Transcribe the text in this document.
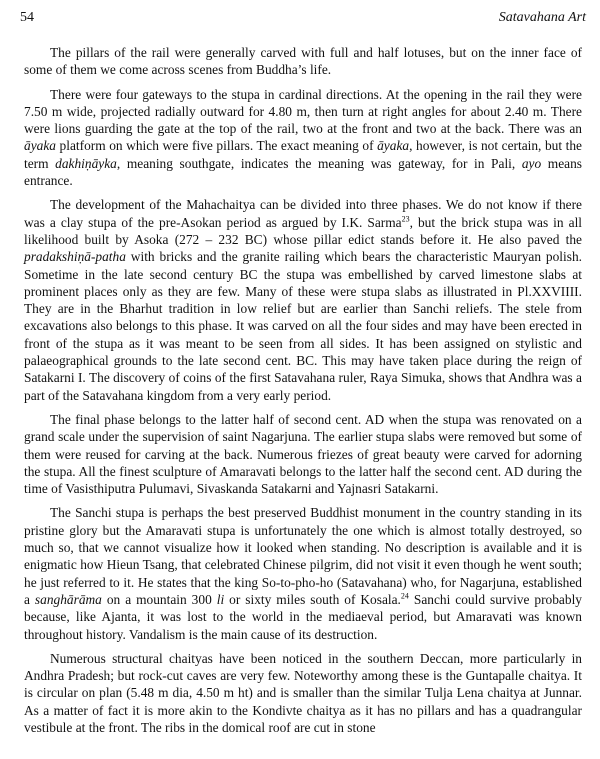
54	Satavahana Art

The pillars of the rail were generally carved with full and half lotuses, but on the inner face of some of them we come across scenes from Buddha’s life.

There were four gateways to the stupa in cardinal directions. At the opening in the rail they were 7.50 m wide, projected radially outward for 4.80 m, then turn at right angles for about 2.40 m. There were lions guarding the gate at the top of the rail, two at the front and two at the back. There was an āyaka platform on which were five pillars. The exact meaning of āyaka, however, is not certain, but the term dakhiṇāyka, meaning southgate, indicates the meaning was gateway, for in Pali, ayo means entrance.

The development of the Mahachaitya can be divided into three phases. We do not know if there was a clay stupa of the pre-Asokan period as argued by I.K. Sarma$^{23}$, but the brick stupa was in all likelihood built by Asoka (272 – 232 BC) whose pillar edict stands before it. He also paved the pradakshiṇā-patha with bricks and the granite railing which bears the characteristic Mauryan polish. Sometime in the late second century BC the stupa was embellished by carved limestone slabs at prominent places only as they are few. Many of these were stupa slabs as illustrated in Pl.XXVIIII. They are in the Bharhut tradition in low relief but are earlier than Sanchi reliefs. The stele from excavations also belongs to this phase. It was carved on all the four sides and may have been erected in front of the stupa as it was meant to be seen from all sides. It has been assigned on stylistic and palaeographical grounds to the late second cent. BC. This may have taken place during the reign of Satakarni I. The discovery of coins of the first Satavahana ruler, Raya Simuka, shows that Andhra was a part of the Satavahana kingdom from a very early period.

The final phase belongs to the latter half of second cent. AD when the stupa was renovated on a grand scale under the supervision of saint Nagarjuna. The earlier stupa slabs were removed but some of them were reused for carving at the back. Numerous friezes of great beauty were carved for adorning the stupa. All the finest sculpture of Amaravati belongs to the latter half the second cent. AD during the time of Vasisthiputra Pulumavi, Sivaskanda Satakarni and Yajnasri Satakarni.

The Sanchi stupa is perhaps the best preserved Buddhist monument in the country standing in its pristine glory but the Amaravati stupa is unfortunately the one which is almost totally destroyed, so much so, that we cannot visualize how it looked when standing. No description is available and it is enigmatic how Hieun Tsang, that celebrated Chinese pilgrim, did not visit it even though he went south; he just referred to it. He states that the king So-to-pho-ho (Satavahana) who, for Nagarjuna, established a sanghārāma on a mountain 300 li or sixty miles south of Kosala.$^{24}$ Sanchi could survive probably because, like Ajanta, it was lost to the world in the mediaeval period, but Amaravati was known throughout history. Vandalism is the main cause of its destruction.

Numerous structural chaityas have been noticed in the southern Deccan, more particularly in Andhra Pradesh; but rock-cut caves are very few. Noteworthy among these is the Guntapalle chaitya. It is circular on plan (5.48 m dia, 4.50 m ht) and is smaller than the similar Tulja Lena chaitya at Junnar. As a matter of fact it is more akin to the Kondivte chaitya as it has no pillars and has a quadrangular vestibule at the front. The ribs in the domical roof are cut in stone
